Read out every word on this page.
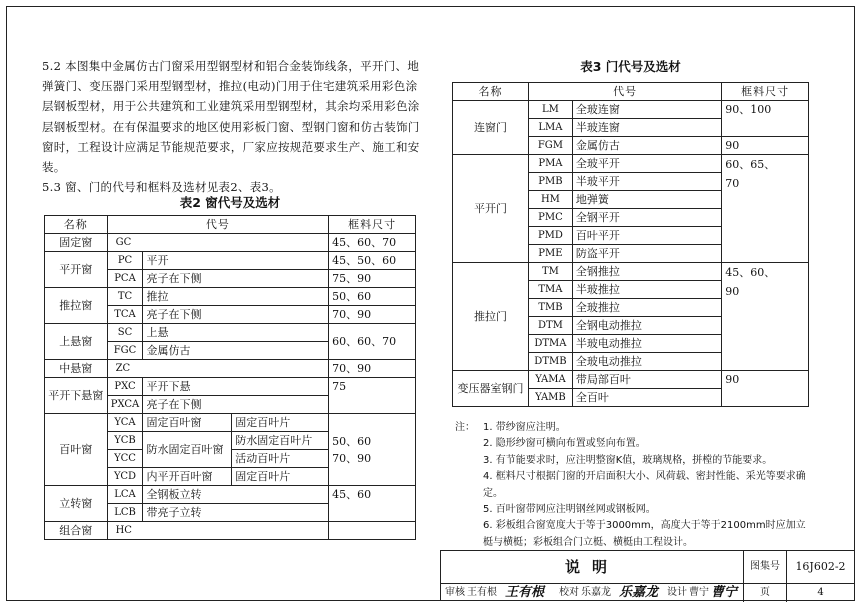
5.2 本图集中金属仿古门窗采用型钢型材和铝合金装饰线条，平开门、地弹簧门、变压器门采用型钢型材，推拉(电动)门用于住宅建筑采用彩色涂层钢板型材，用于公共建筑和工业建筑采用型钢型材，其余均采用彩色涂层钢板型材。在有保温要求的地区使用彩板门窗、型钢门窗和仿古装饰门窗时，工程设计应满足节能规范要求，厂家应按规范要求生产、施工和安装。

5.3 窗、门的代号和框料及选材见表2、表3。

表2 窗代号及选材
名称	代号			框料尺寸
固定窗	GC			45、60、70
平开窗	PC	平开		45、50、60
	PCA	亮子在下侧		75、90
推拉窗	TC	推拉		50、60
	TCA	亮子在下侧		70、90
上悬窗	SC	上悬		60、60、70
	FGC	金属仿古		
中悬窗	ZC			70、90
平开下悬窗	PXC	平开下悬		75
	PXCA	亮子在下侧		
百叶窗	YCA	固定百叶窗	固定百叶片	50、60
70、90

	YCB	防水固定百叶窗	防水固定百叶片	
	YCC		活动百叶片	
	YCD	内平开百叶窗	固定百叶片	
立转窗	LCA	全钢板立转		45、60
	LCB	带亮子立转		
组合窗	HC			
表3 门代号及选材
名称	代号		框料尺寸
连窗门	LM	全玻连窗	90、100
	LMA	半玻连窗	
	FGM	金属仿古	90
平开门	PMA	全玻平开	60、65、
70

	PMB	半玻平开	
	HM	地弹簧	
	PMC	全钢平开	
	PMD	百叶平开	
	PME	防盗平开	
推拉门	TM	全钢推拉	45、60、
90

	TMA	半玻推拉	
	TMB	全玻推拉	
	DTM	全钢电动推拉	
	DTMA	半玻电动推拉	
	DTMB	全玻电动推拉	
变压器室钢门	YAMA	带局部百叶	90
	YAMB	全百叶	
注： 1. 带纱窗应注明。
2. 隐形纱窗可横向布置或竖向布置。
3. 有节能要求时，应注明整窗K值，玻璃规格，拼樘的节能要求。
4. 框料尺寸根据门窗的开启面积大小、风荷载、密封性能、采光等要求确定。
5. 百叶窗带网应注明钢丝网或钢板网。
6. 彩板组合窗宽度大于等于3000mm，高度大于等于2100mm时应加立梃与横梃；彩板组合门立梃、横梃由工程设计。
说明	图集号	16J602-2
审核 王有根 王有根 校对 乐嘉龙 乐嘉龙 设计 曹宁 曹宁	页	4
